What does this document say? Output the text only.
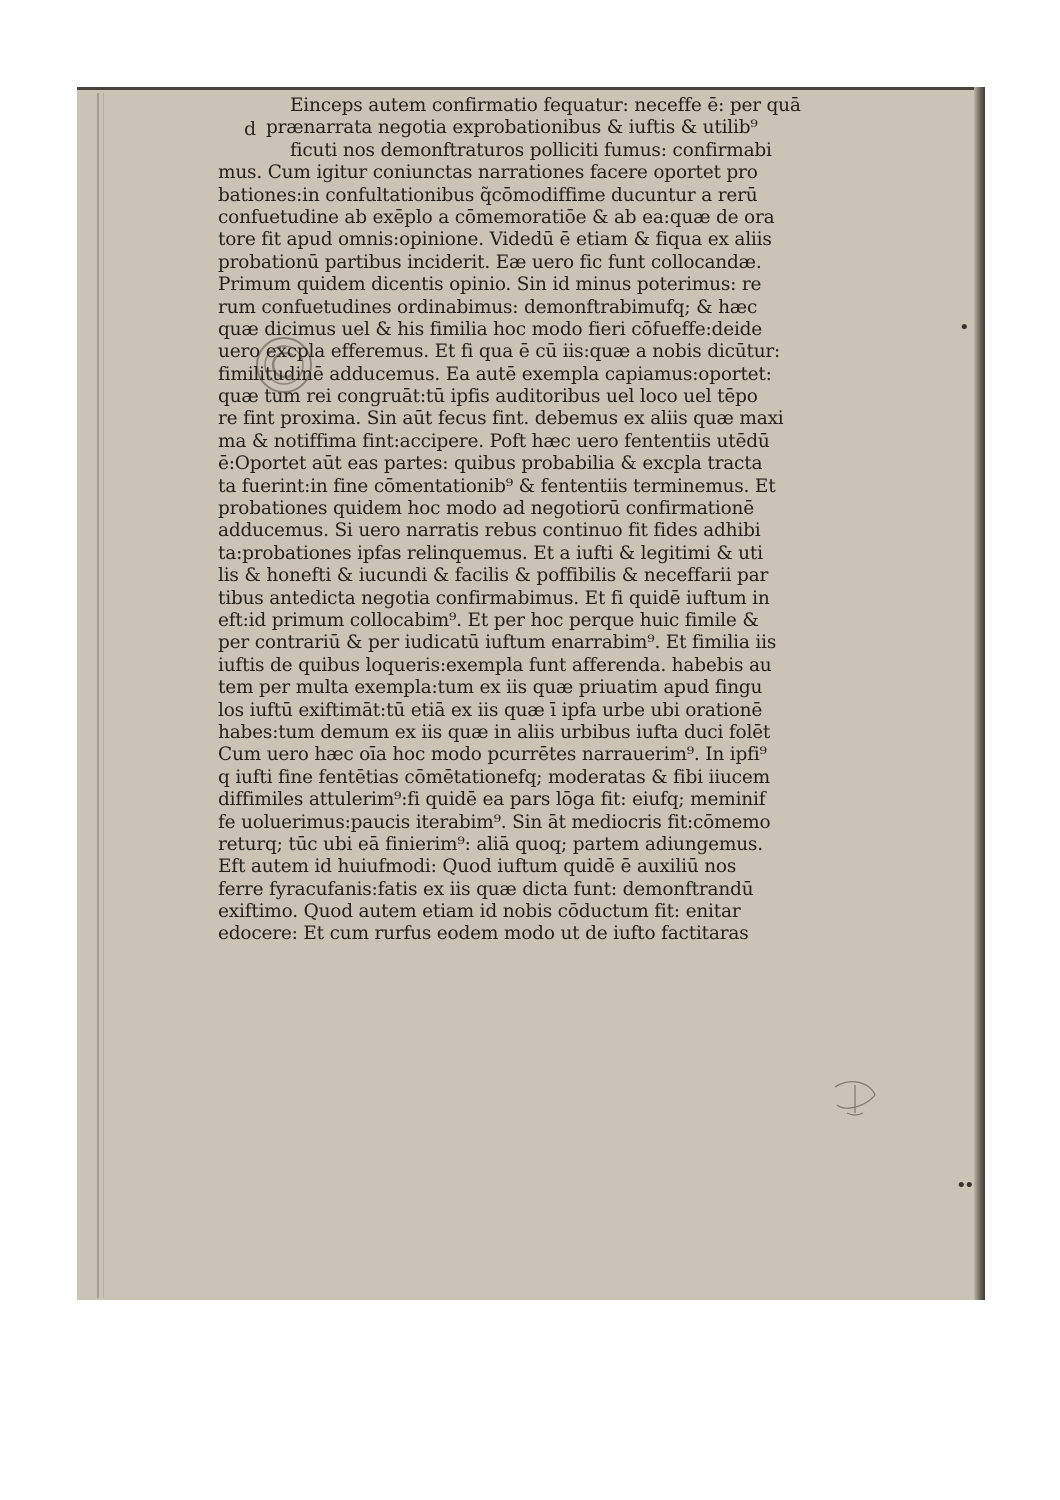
•
•
•
d
Einceps autem confirmatio fequatur: neceffe ē: per quā
prænarrata negotia exprobationibus & iuftis & utilib⁹
ficuti nos demonftraturos polliciti fumus: confirmabi
mus. Cum igitur coniunctas narrationes facere oportet pro
bationes:in confultationibus q̃cōmodiffime ducuntur a rerū
confuetudine ab exēplo a cōmemoratiōe & ab ea:quæ de ora
tore fit apud omnis:opinione. Videdū ē etiam & fiqua ex aliis
probationū partibus inciderit. Eæ uero fic funt collocandæ.
Primum quidem dicentis opinio. Sin id minus poterimus: re
rum confuetudines ordinabimus: demonftrabimufq; & hæc
quæ dicimus uel & his fimilia hoc modo fieri cōfueffe:deide
uero excpla efferemus. Et fi qua ē cū iis:quæ a nobis dicūtur:
fimilitudinē adducemus. Ea autē exempla capiamus:oportet:
quæ tum rei congruāt:tū ipfis auditoribus uel loco uel tēpo
re fint proxima. Sin aūt fecus fint. debemus ex aliis quæ maxi
ma & notiffima fint:accipere. Poft hæc uero fententiis utēdū
ē:Oportet aūt eas partes: quibus probabilia & excpla tracta
ta fuerint:in fine cōmentationib⁹ & fententiis terminemus. Et
probationes quidem hoc modo ad negotiorū confirmationē
adducemus. Si uero narratis rebus continuo fit fides adhibi
ta:probationes ipfas relinquemus. Et a iufti & legitimi & uti
lis & honefti & iucundi & facilis & poffibilis & neceffarii par
tibus antedicta negotia confirmabimus. Et fi quidē iuftum in
eft:id primum collocabim⁹. Et per hoc perque huic fimile &
per contrariū & per iudicatū iuftum enarrabim⁹. Et fimilia iis
iuftis de quibus loqueris:exempla funt afferenda. habebis au
tem per multa exempla:tum ex iis quæ priuatim apud fingu
los iuftū exiftimāt:tū etiā ex iis quæ ī ipfa urbe ubi orationē
habes:tum demum ex iis quæ in aliis urbibus iufta duci folēt
Cum uero hæc oīa hoc modo pcurrētes narrauerim⁹. In ipfi⁹
q iufti fine fentētias cōmētationefq; moderatas & fibi iiucem
diffimiles attulerim⁹:fi quidē ea pars lōga fit: eiufq; meminif
fe uoluerimus:paucis iterabim⁹. Sin āt mediocris fit:cōmemo
returq; tūc ubi eā finierim⁹: aliā quoq; partem adiungemus.
Eft autem id huiufmodi: Quod iuftum quidē ē auxiliū nos
ferre fyracufanis:fatis ex iis quæ dicta funt: demonftrandū
exiftimo. Quod autem etiam id nobis cōductum fit: enitar
edocere: Et cum rurfus eodem modo ut de iufto factitaras
